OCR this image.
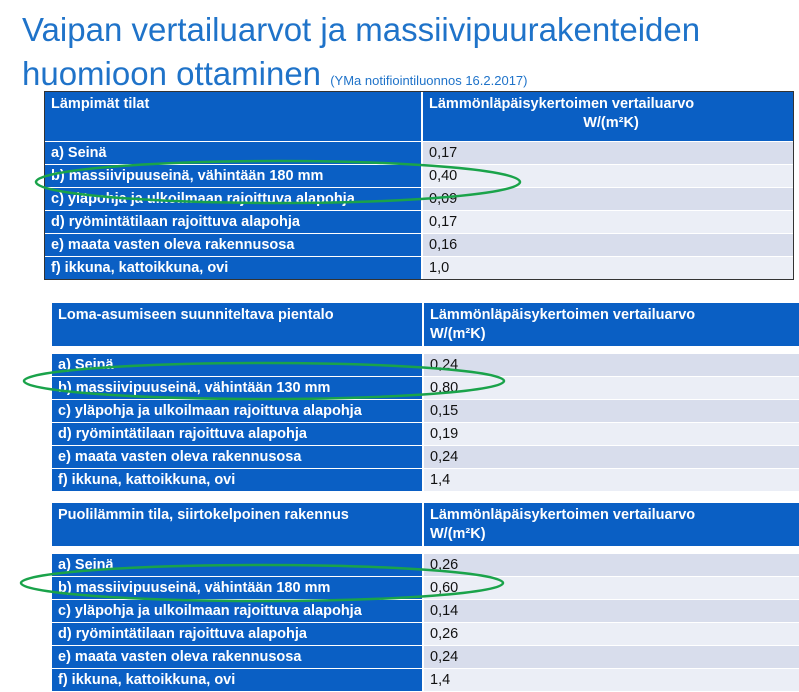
Vaipan vertailuarvot ja massiivipuurakenteiden
huomioon ottaminen (YMa notifiointiluonnos 16.2.2017)
Lämpimät tilat	Lämmönläpäisykertoimen vertailuarvo
W/(m²K)

a) Seinä	0,17
b) massiivipuuseinä, vähintään 180 mm	0,40
c) yläpohja ja ulkoilmaan rajoittuva alapohja	0,09
d) ryömintätilaan rajoittuva alapohja	0,17
e) maata vasten oleva rakennusosa	0,16
f) ikkuna, kattoikkuna, ovi	1,0
Loma-asumiseen suunniteltava pientalo	Lämmönläpäisykertoimen vertailuarvo
W/(m²K)

a) Seinä	0,24
b) massiivipuuseinä, vähintään 130 mm	0,80
c) yläpohja ja ulkoilmaan rajoittuva alapohja	0,15
d) ryömintätilaan rajoittuva alapohja	0,19
e) maata vasten oleva rakennusosa	0,24
f) ikkuna, kattoikkuna, ovi	1,4
Puolilämmin tila, siirtokelpoinen rakennus	Lämmönläpäisykertoimen vertailuarvo
W/(m²K)

a) Seinä	0,26
b) massiivipuuseinä, vähintään 180 mm	0,60
c) yläpohja ja ulkoilmaan rajoittuva alapohja	0,14
d) ryömintätilaan rajoittuva alapohja	0,26
e) maata vasten oleva rakennusosa	0,24
f) ikkuna, kattoikkuna, ovi	1,4
